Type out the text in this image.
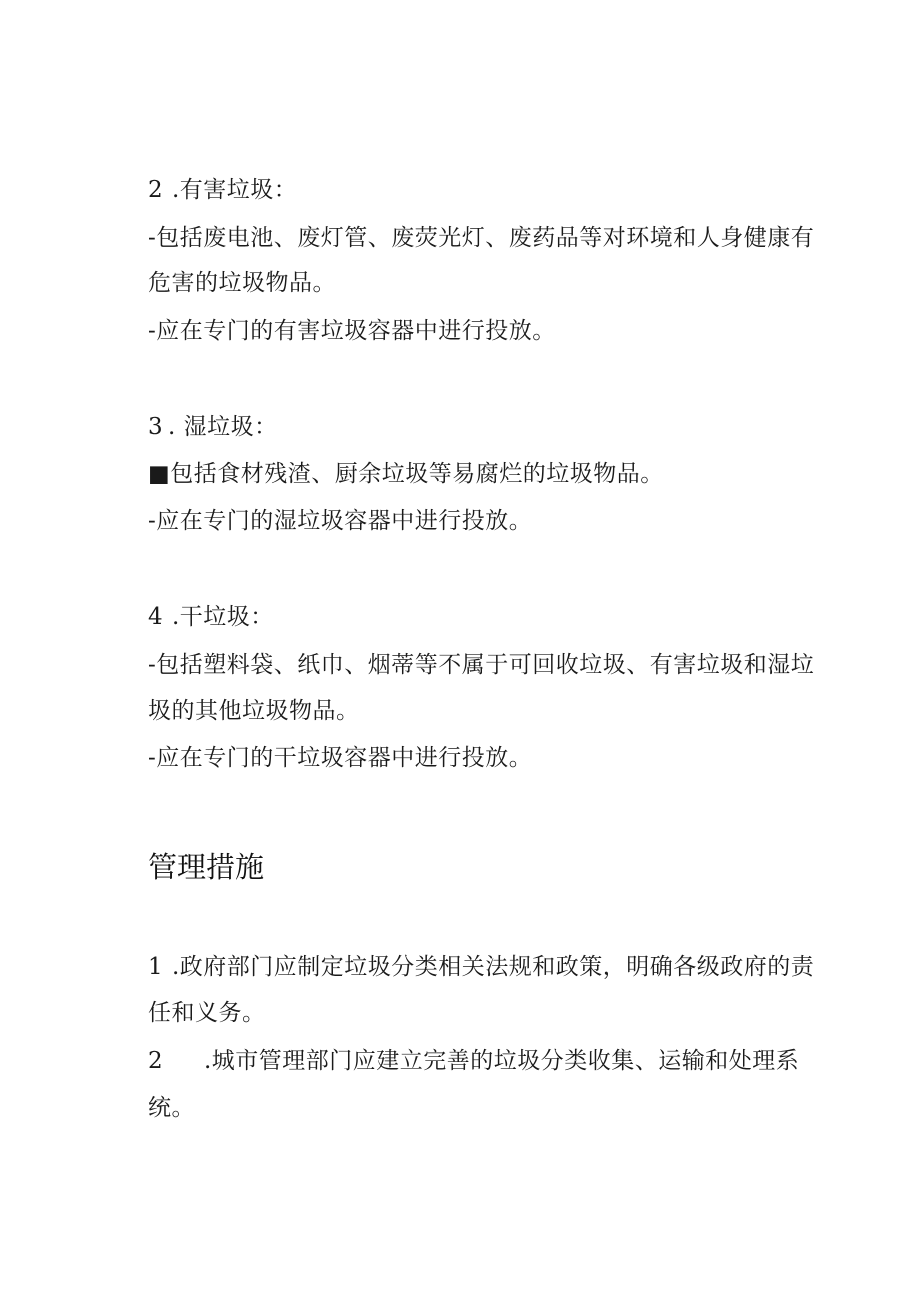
2 .有害垃圾：
-包括废电池、废灯管、废荧光灯、废药品等对环境和人身健康有
危害的垃圾物品。
-应在专门的有害垃圾容器中进行投放。
3 . 湿垃圾：
■包括食材残渣、厨余垃圾等易腐烂的垃圾物品。
-应在专门的湿垃圾容器中进行投放。
4 .干垃圾：
-包括塑料袋、纸巾、烟蒂等不属于可回收垃圾、有害垃圾和湿垃
圾的其他垃圾物品。
-应在专门的干垃圾容器中进行投放。
管理措施
1 .政府部门应制定垃圾分类相关法规和政策，明确各级政府的责
任和义务。
2 .城市管理部门应建立完善的垃圾分类收集、运输和处理系
统。
